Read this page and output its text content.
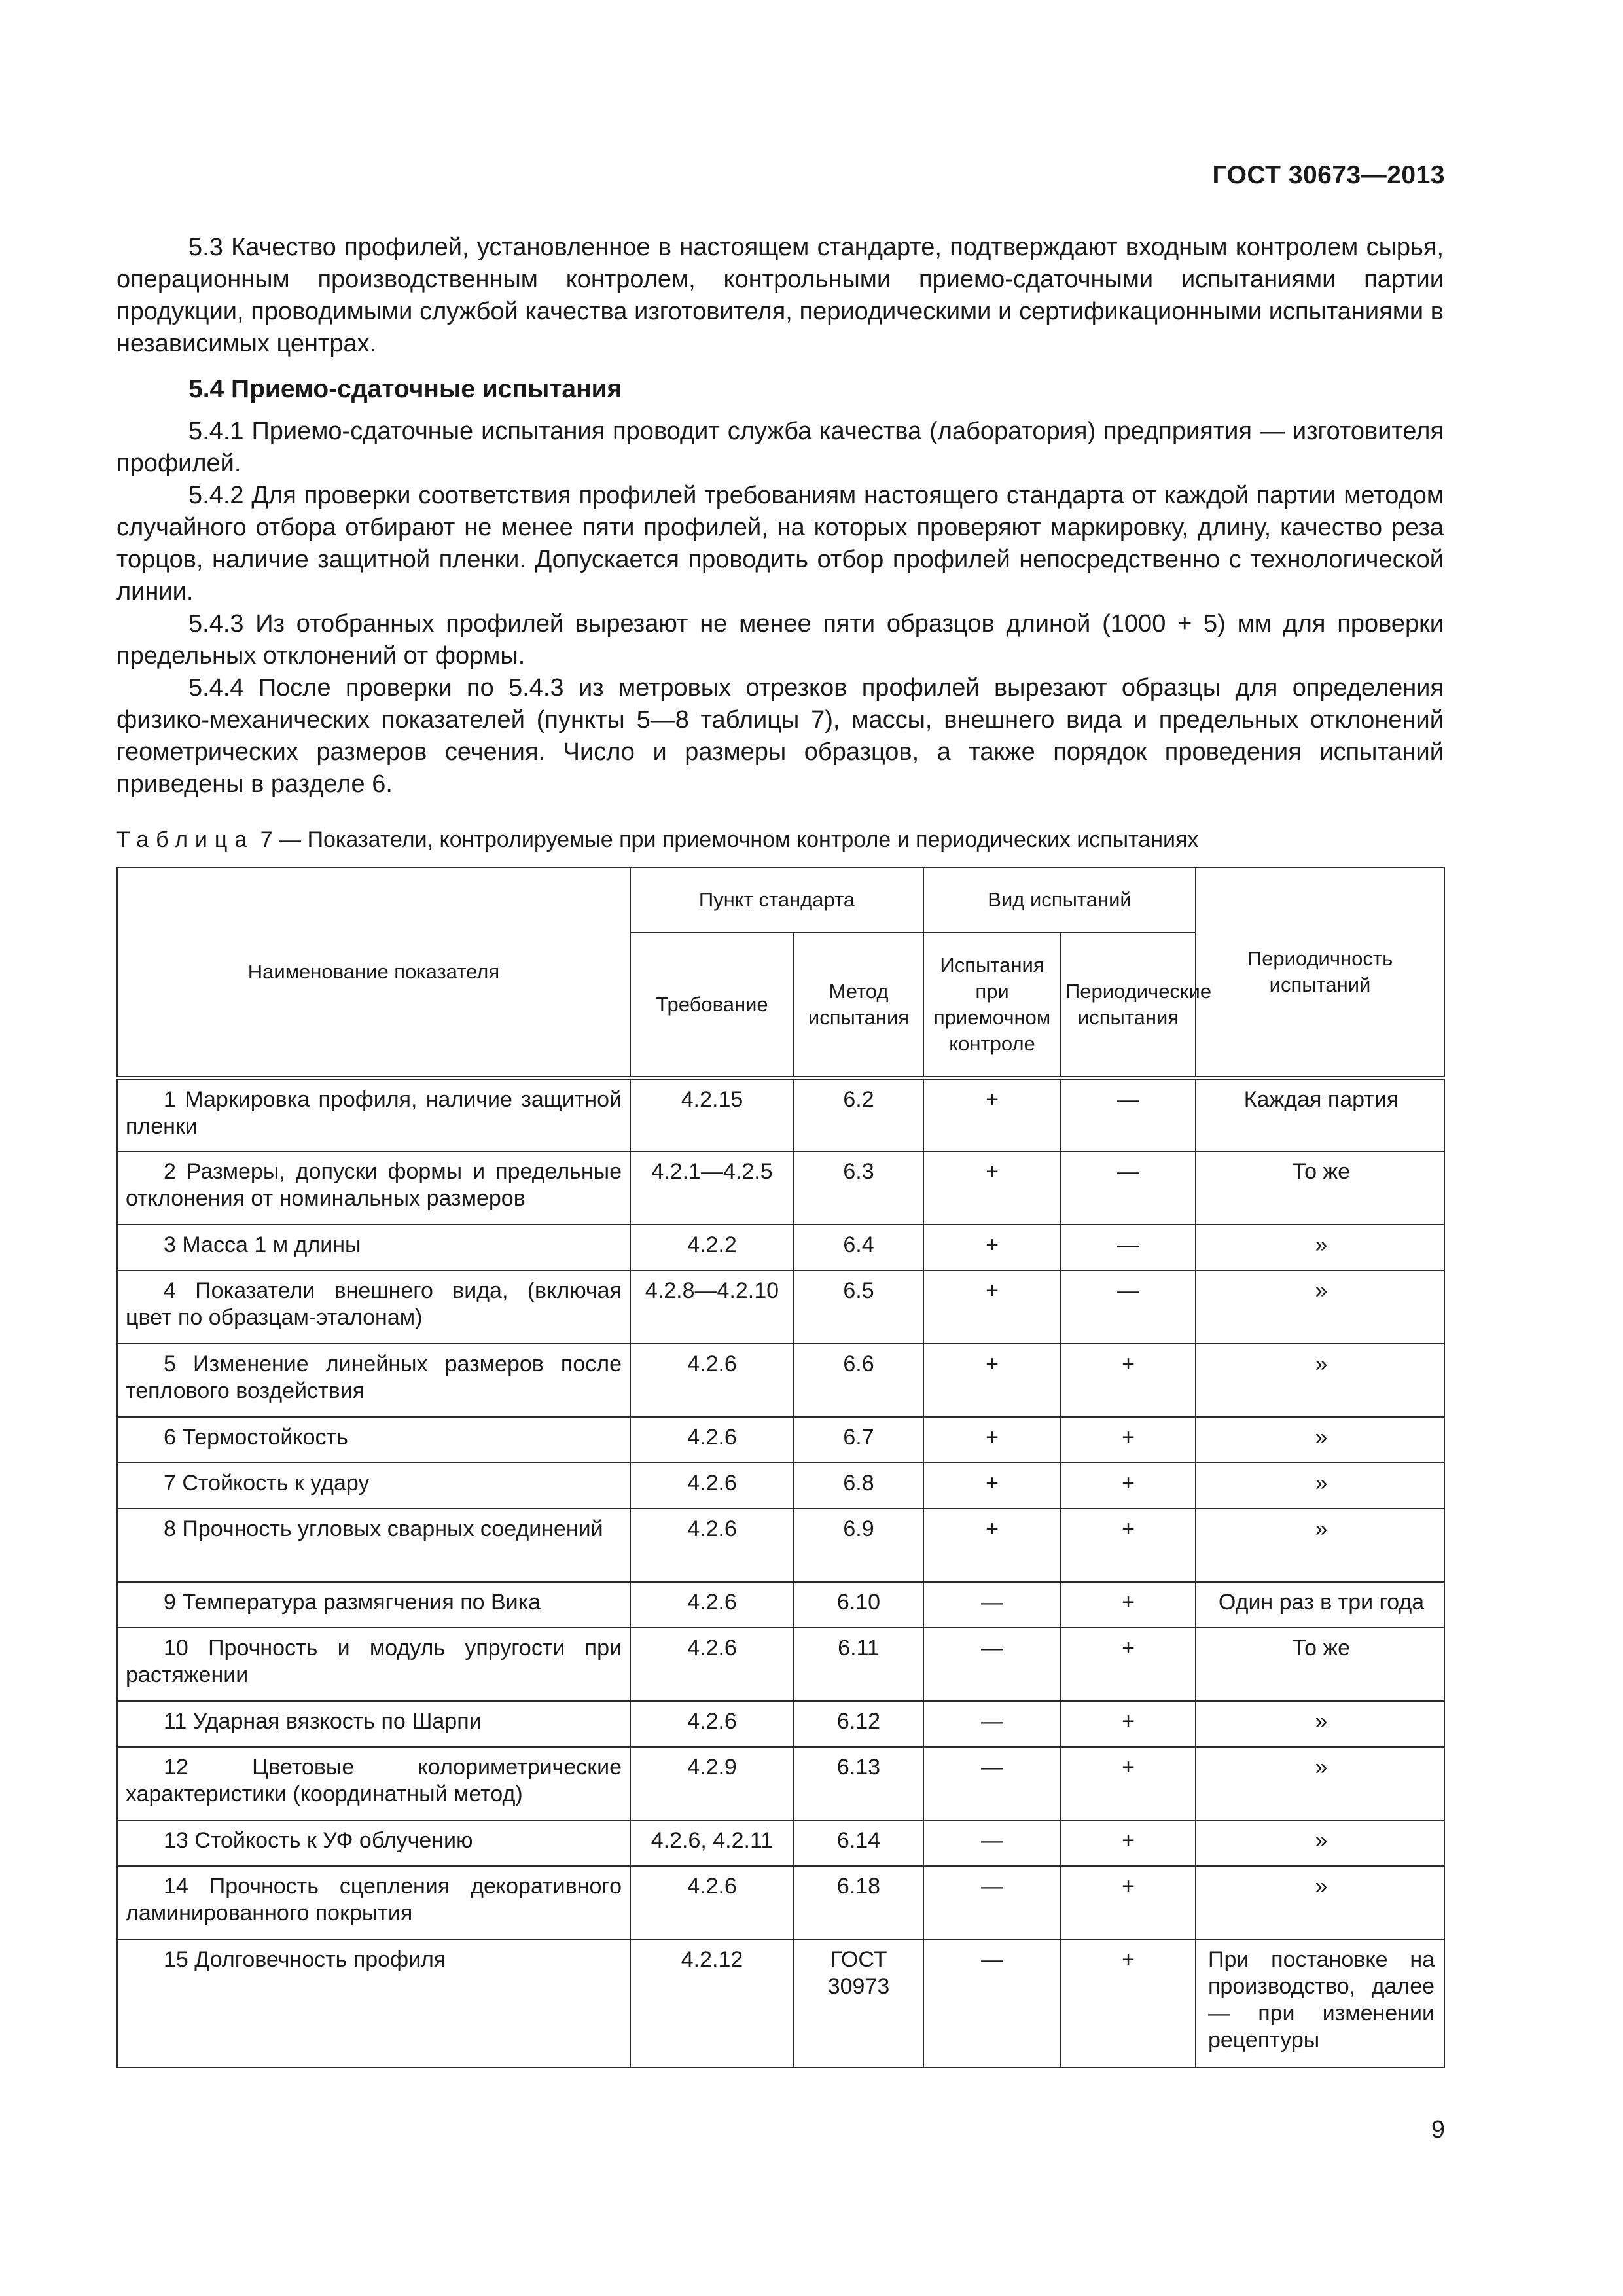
ГОСТ 30673—2013

5.3 Качество профилей, установленное в настоящем стандарте, подтверждают входным контролем сырья, операционным производственным контролем, контрольными приемо-сдаточными испытаниями партии продукции, проводимыми службой качества изготовителя, периодическими и сертификационными испытаниями в независимых центрах.

5.4 Приемо-сдаточные испытания

5.4.1 Приемо-сдаточные испытания проводит служба качества (лаборатория) предприятия — изготовителя профилей.

5.4.2 Для проверки соответствия профилей требованиям настоящего стандарта от каждой партии методом случайного отбора отбирают не менее пяти профилей, на которых проверяют маркировку, длину, качество реза торцов, наличие защитной пленки. Допускается проводить отбор профилей непосредственно с технологической линии.

5.4.3 Из отобранных профилей вырезают не менее пяти образцов длиной (1000 + 5) мм для проверки предельных отклонений от формы.

5.4.4 После проверки по 5.4.3 из метровых отрезков профилей вырезают образцы для определения физико-механических показателей (пункты 5—8 таблицы 7), массы, внешнего вида и предельных отклонений геометрических размеров сечения. Число и размеры образцов, а также порядок проведения испытаний приведены в разделе 6.

Таблица 7 — Показатели, контролируемые при приемочном контроле и периодических испытаниях
Наименование показателя	Пункт стандарта		Вид испытаний		Периодичность испытаний
	Требование	Метод испытания	Испытания при приемочном контроле	Периодические испытания	
1 Маркировка профиля, наличие защитной пленки	4.2.15	6.2	+	—	Каждая партия
2 Размеры, допуски формы и предельные отклонения от номинальных размеров	4.2.1—4.2.5	6.3	+	—	То же
3 Масса 1 м длины	4.2.2	6.4	+	—	»
4 Показатели внешнего вида, (включая цвет по образцам-эталонам)	4.2.8—4.2.10	6.5	+	—	»
5 Изменение линейных размеров после теплового воздействия	4.2.6	6.6	+	+	»
6 Термостойкость	4.2.6	6.7	+	+	»
7 Стойкость к удару	4.2.6	6.8	+	+	»
8 Прочность угловых сварных соединений	4.2.6	6.9	+	+	»
9 Температура размягчения по Вика	4.2.6	6.10	—	+	Один раз в три года
10 Прочность и модуль упругости при растяжении	4.2.6	6.11	—	+	То же
11 Ударная вязкость по Шарпи	4.2.6	6.12	—	+	»
12 Цветовые колориметрические характеристики (координатный метод)	4.2.9	6.13	—	+	»
13 Стойкость к УФ облучению	4.2.6, 4.2.11	6.14	—	+	»
14 Прочность сцепления декоративного ламинированного покрытия	4.2.6	6.18	—	+	»
15 Долговечность профиля	4.2.12	ГОСТ 30973	—	+	При постановке на производство, далее — при изменении рецептуры
9
